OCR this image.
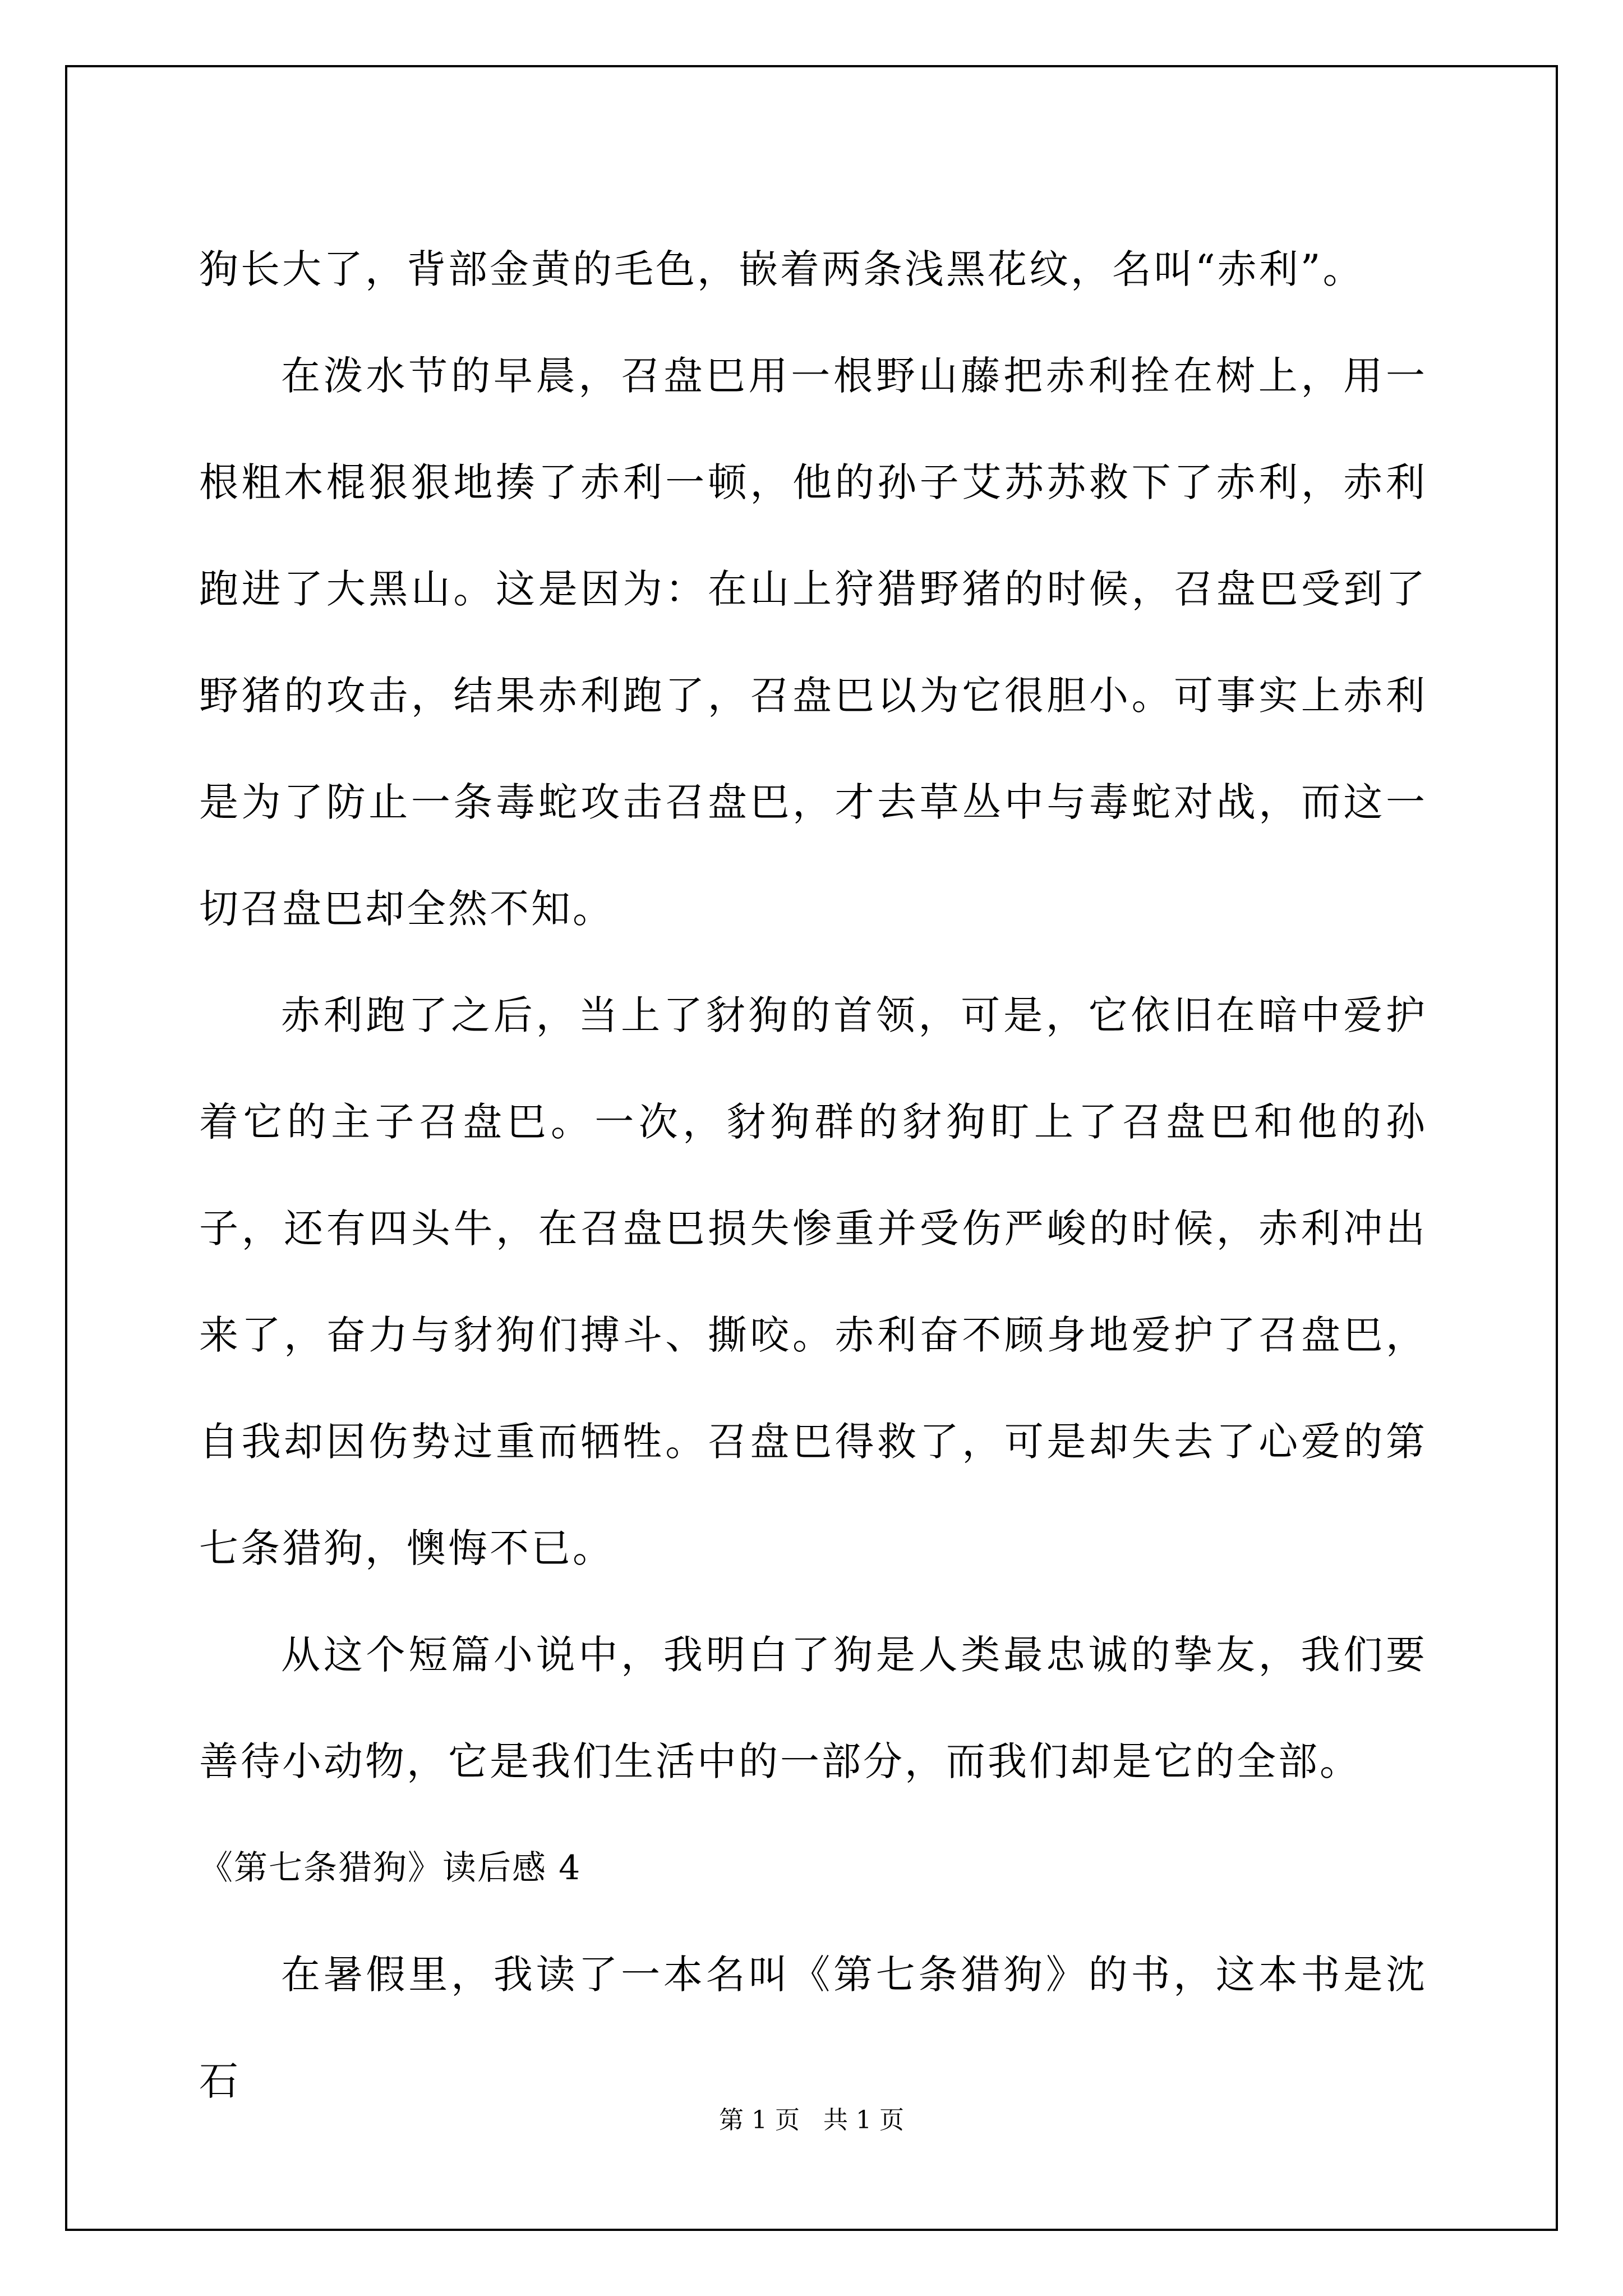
狗长大了，背部金黄的毛色，嵌着两条浅黑花纹，名叫“赤利”。

在泼水节的早晨，召盘巴用一根野山藤把赤利拴在树上，用一根粗木棍狠狠地揍了赤利一顿，他的孙子艾苏苏救下了赤利，赤利跑进了大黑山。这是因为：在山上狩猎野猪的时候，召盘巴受到了野猪的攻击，结果赤利跑了，召盘巴以为它很胆小。可事实上赤利是为了防止一条毒蛇攻击召盘巴，才去草丛中与毒蛇对战，而这一切召盘巴却全然不知。

赤利跑了之后，当上了豺狗的首领，可是，它依旧在暗中爱护着它的主子召盘巴。一次，豺狗群的豺狗盯上了召盘巴和他的孙子，还有四头牛，在召盘巴损失惨重并受伤严峻的时候，赤利冲出来了，奋力与豺狗们搏斗、撕咬。赤利奋不顾身地爱护了召盘巴，自我却因伤势过重而牺牲。召盘巴得救了，可是却失去了心爱的第七条猎狗，懊悔不已。

从这个短篇小说中，我明白了狗是人类最忠诚的挚友，我们要善待小动物，它是我们生活中的一部分，而我们却是它的全部。

《第七条猎狗》读后感 4

在暑假里，我读了一本名叫《第七条猎狗》的书，这本书是沈石

第 1 页 共 1 页
